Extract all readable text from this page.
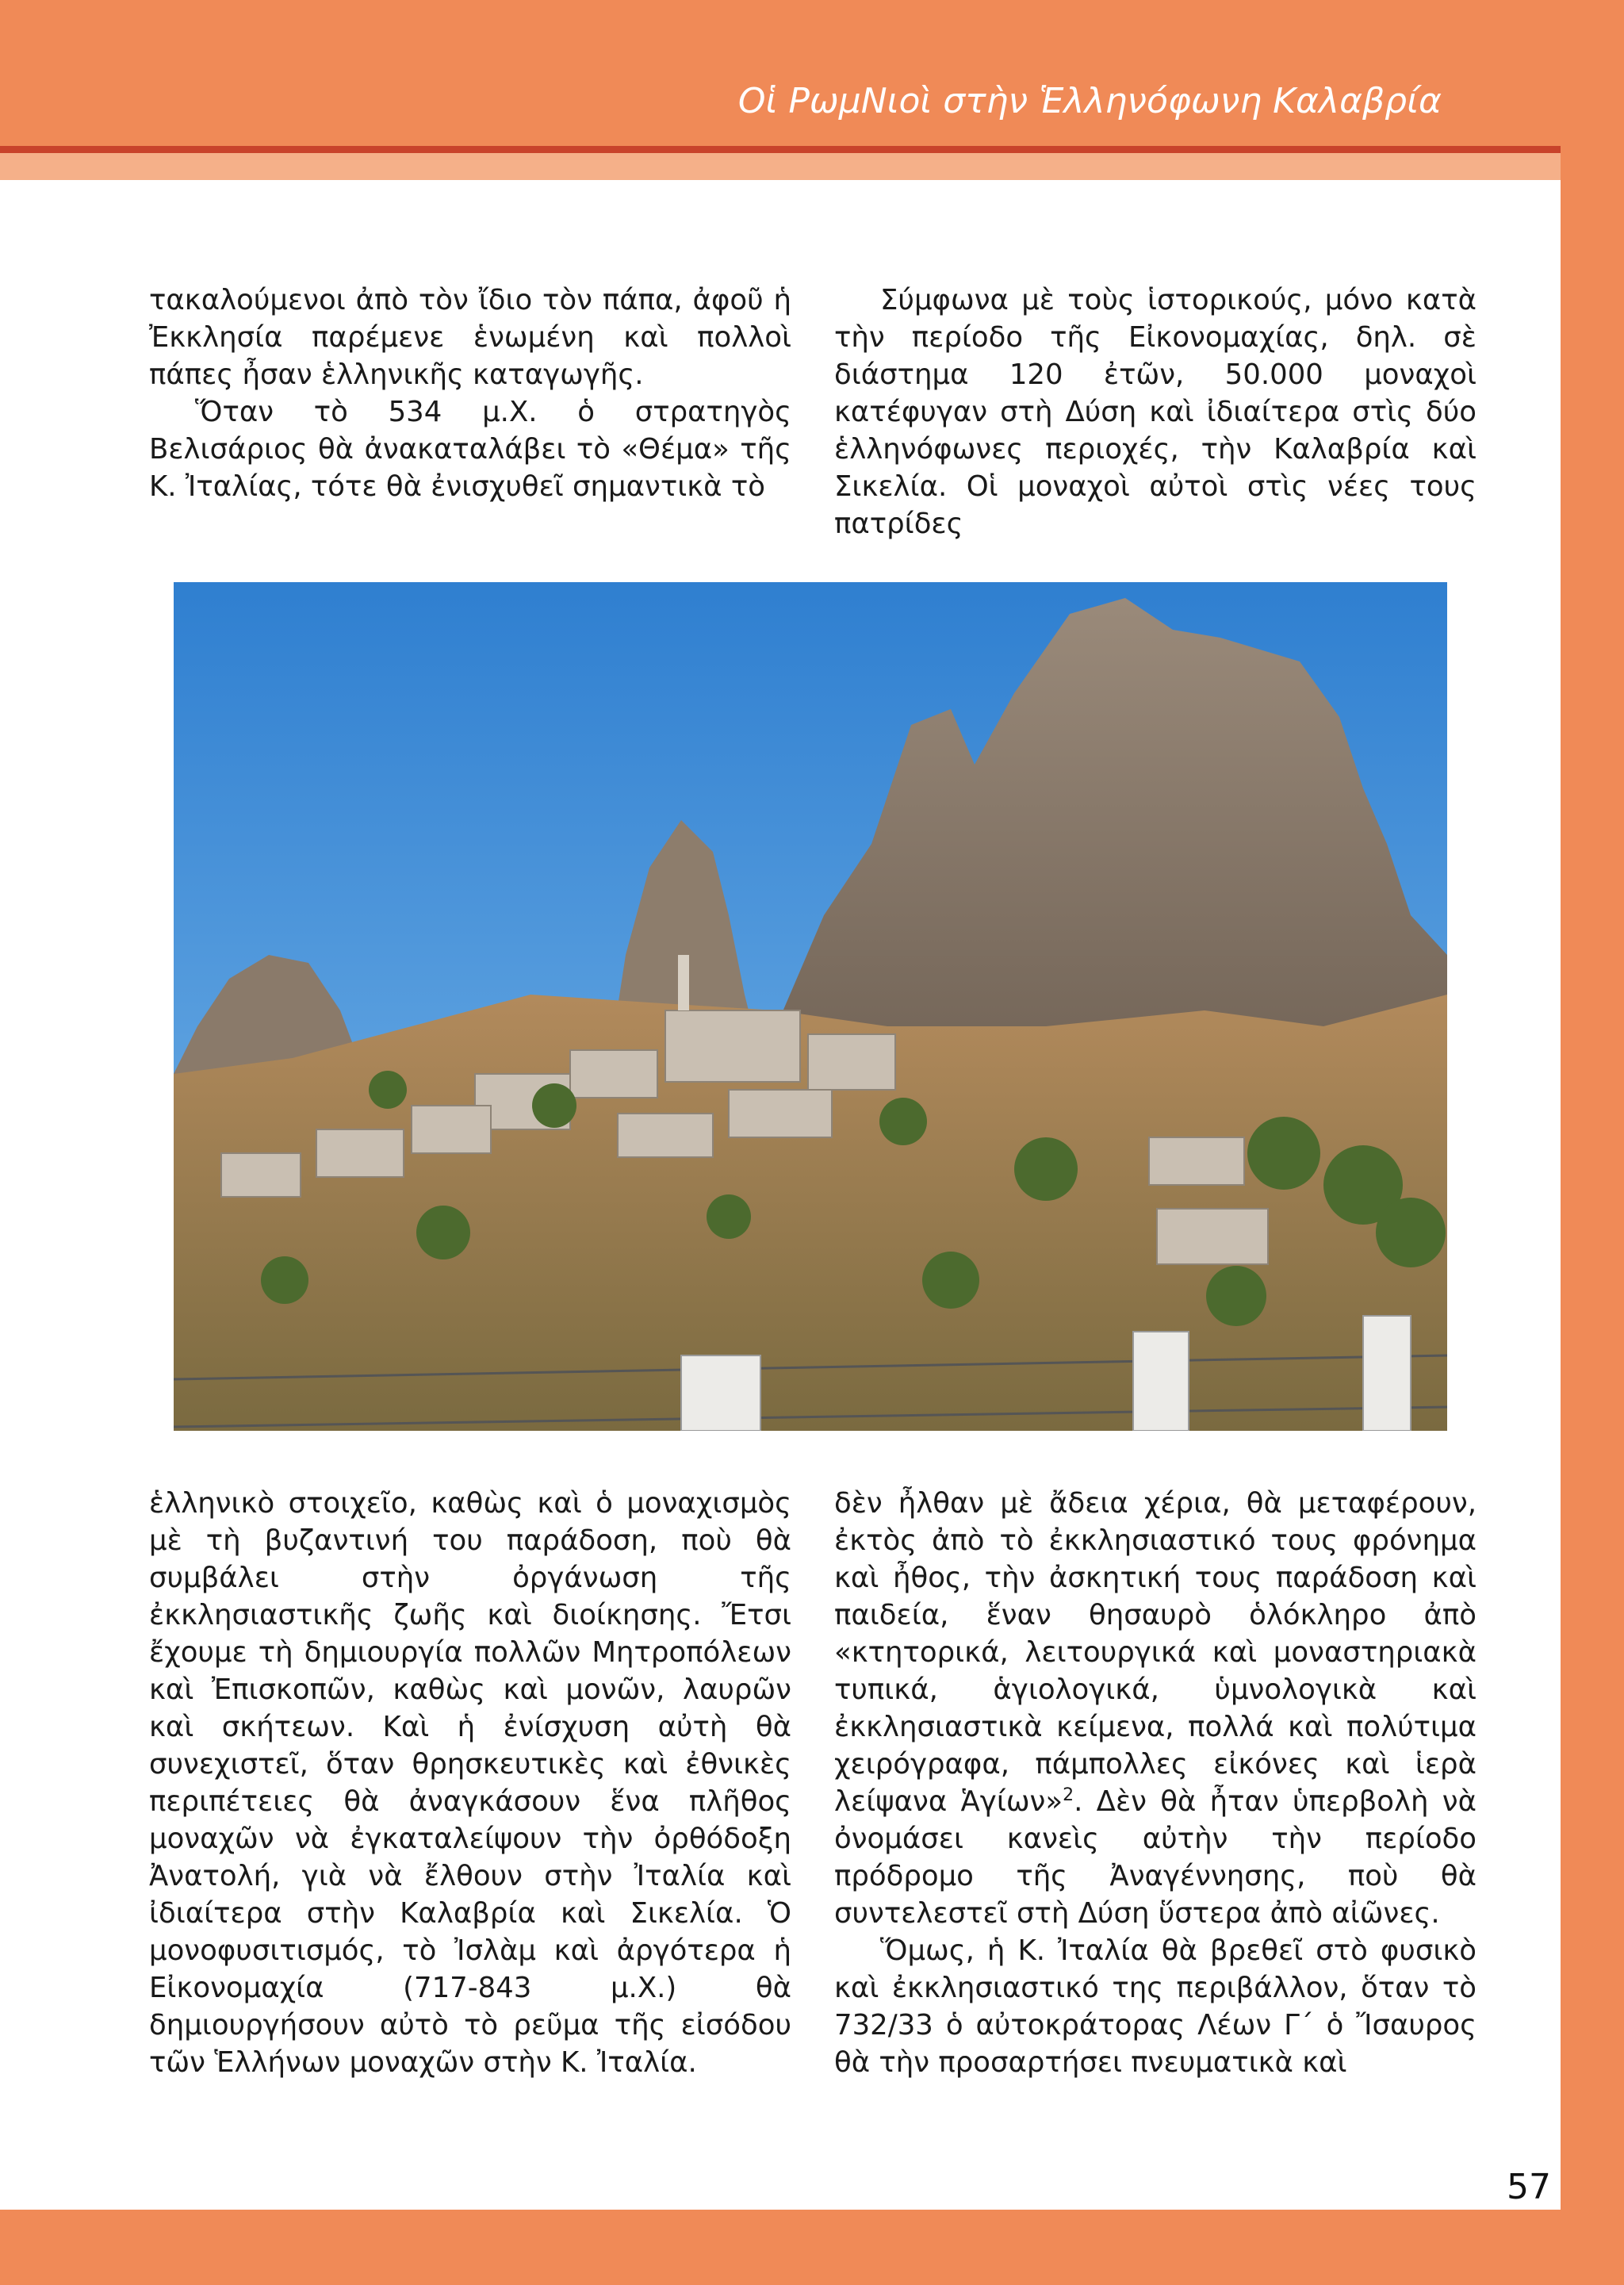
Οἱ ΡωμΝιοὶ στὴν Ἑλληνόφωνη Καλαβρία

τακαλούμενοι ἀπὸ τὸν ἴδιο τὸν πάπα, ἀφοῦ ἡ Ἐκκλησία παρέμενε ἑνωμένη καὶ πολλοὶ πάπες ἦσαν ἑλληνικῆς καταγωγῆς.

Ὅταν τὸ 534 μ.Χ. ὁ στρατηγὸς Βελισάριος θὰ ἀνακαταλάβει τὸ «Θέμα» τῆς Κ. Ἰταλίας, τότε θὰ ἐνισχυθεῖ σημαντικὰ τὸ

Σύμφωνα μὲ τοὺς ἱστορικούς, μόνο κατὰ τὴν περίοδο τῆς Εἰκονομαχίας, δηλ. σὲ διάστημα 120 ἐτῶν, 50.000 μοναχοὶ κατέφυγαν στὴ Δύση καὶ ἰδιαίτερα στὶς δύο ἑλληνόφωνες περιοχές, τὴν Καλαβρία καὶ Σικελία. Οἱ μοναχοὶ αὐτοὶ στὶς νέες τους πατρίδες

ἑλληνικὸ στοιχεῖο, καθὼς καὶ ὁ μοναχισμὸς μὲ τὴ βυζαντινή του παράδοση, ποὺ θὰ συμβάλει στὴν ὀργάνωση τῆς ἐκκλησιαστικῆς ζωῆς καὶ διοίκησης. Ἔτσι ἔχουμε τὴ δημιουργία πολλῶν Μητροπόλεων καὶ Ἐπισκοπῶν, καθὼς καὶ μονῶν, λαυρῶν καὶ σκήτεων. Καὶ ἡ ἐνίσχυση αὐτὴ θὰ συνεχιστεῖ, ὅταν θρησκευτικὲς καὶ ἐθνικὲς περιπέτειες θὰ ἀναγκάσουν ἕνα πλῆθος μοναχῶν νὰ ἐγκαταλείψουν τὴν ὀρθόδοξη Ἀνατολή, γιὰ νὰ ἔλθουν στὴν Ἰταλία καὶ ἰδιαίτερα στὴν Καλαβρία καὶ Σικελία. Ὁ μονοφυσιτισμός, τὸ Ἰσλὰμ καὶ ἀργότερα ἡ Εἰκονομαχία (717-843 μ.Χ.) θὰ δημιουργήσουν αὐτὸ τὸ ρεῦμα τῆς εἰσόδου τῶν Ἑλλήνων μοναχῶν στὴν Κ. Ἰταλία.

δὲν ἦλθαν μὲ ἄδεια χέρια, θὰ μεταφέρουν, ἐκτὸς ἀπὸ τὸ ἐκκλησιαστικό τους φρόνημα καὶ ἦθος, τὴν ἀσκητική τους παράδοση καὶ παιδεία, ἕναν θησαυρὸ ὁλόκληρο ἀπὸ «κτητορικά, λειτουργικά καὶ μοναστηριακὰ τυπικά, ἁγιολογικά, ὑμνολογικὰ καὶ ἐκκλησιαστικὰ κείμενα, πολλά καὶ πολύτιμα χειρόγραφα, πάμπολλες εἰκόνες καὶ ἱερὰ λείψανα Ἁγίων»$^2$. Δὲν θὰ ἦταν ὑπερβολὴ νὰ ὀνομάσει κανεὶς αὐτὴν τὴν περίοδο πρόδρομο τῆς Ἀναγέννησης, ποὺ θὰ συντελεστεῖ στὴ Δύση ὕστερα ἀπὸ αἰῶνες.

Ὅμως, ἡ Κ. Ἰταλία θὰ βρεθεῖ στὸ φυσικὸ καὶ ἐκκλησιαστικό της περιβάλλον, ὅταν τὸ 732/33 ὁ αὐτοκράτορας Λέων Γ΄ ὁ Ἴσαυρος θὰ τὴν προσαρτήσει πνευματικὰ καὶ

57
